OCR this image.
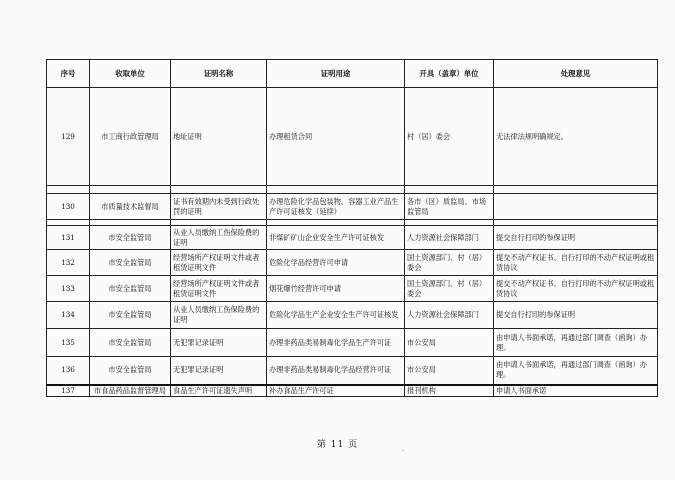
序号	收取单位	证明名称	证明用途	开具（盖章）单位	处理意见
129	市工商行政管理局	地址证明	办理租赁合同	村（居）委会	无法律法规明确规定。

130	市质量技术监督局	证书有效期内未受到行政处罚的证明	办理危险化学品包装物、容器工业产品生产许可证核发（延续）	各市（区）质监局、市场监管局	

131	市安全监管局	从业人员缴纳工伤保险费的证明	非煤矿矿山企业安全生产许可证核发	人力资源社会保障部门	提交自行打印的参保证明
132	市安全监管局	经营场所产权证明文件或者租赁证明文件	危险化学品经营许可申请	国土资源部门、村（居）委会	提交不动产权证书、自行打印的不动产权证明或租赁协议
133	市安全监管局	经营场所产权证明文件或者租赁证明文件	烟花爆竹经营许可申请	国土资源部门、村（居）委会	提交不动产权证书、自行打印的不动产权证明或租赁协议
134	市安全监管局	从业人员缴纳工伤保险费的证明	危险化学品生产企业安全生产许可证核发	人力资源社会保障部门	提交自行打印的参保证明
135	市安全监管局	无犯罪记录证明	办理非药品类易制毒化学品生产许可证	市公安局	由申请人书面承诺，再通过部门调查（函询）办理。
136	市安全监管局	无犯罪记录证明	办理非药品类易制毒化学品经营许可证	市公安局	由申请人书面承诺，再通过部门调查（函询）办理。
137	市食品药品监督管理局	食品生产许可证遗失声明	补办食品生产许可证	报刊机构	申请人书面承诺
第 11 页
·
